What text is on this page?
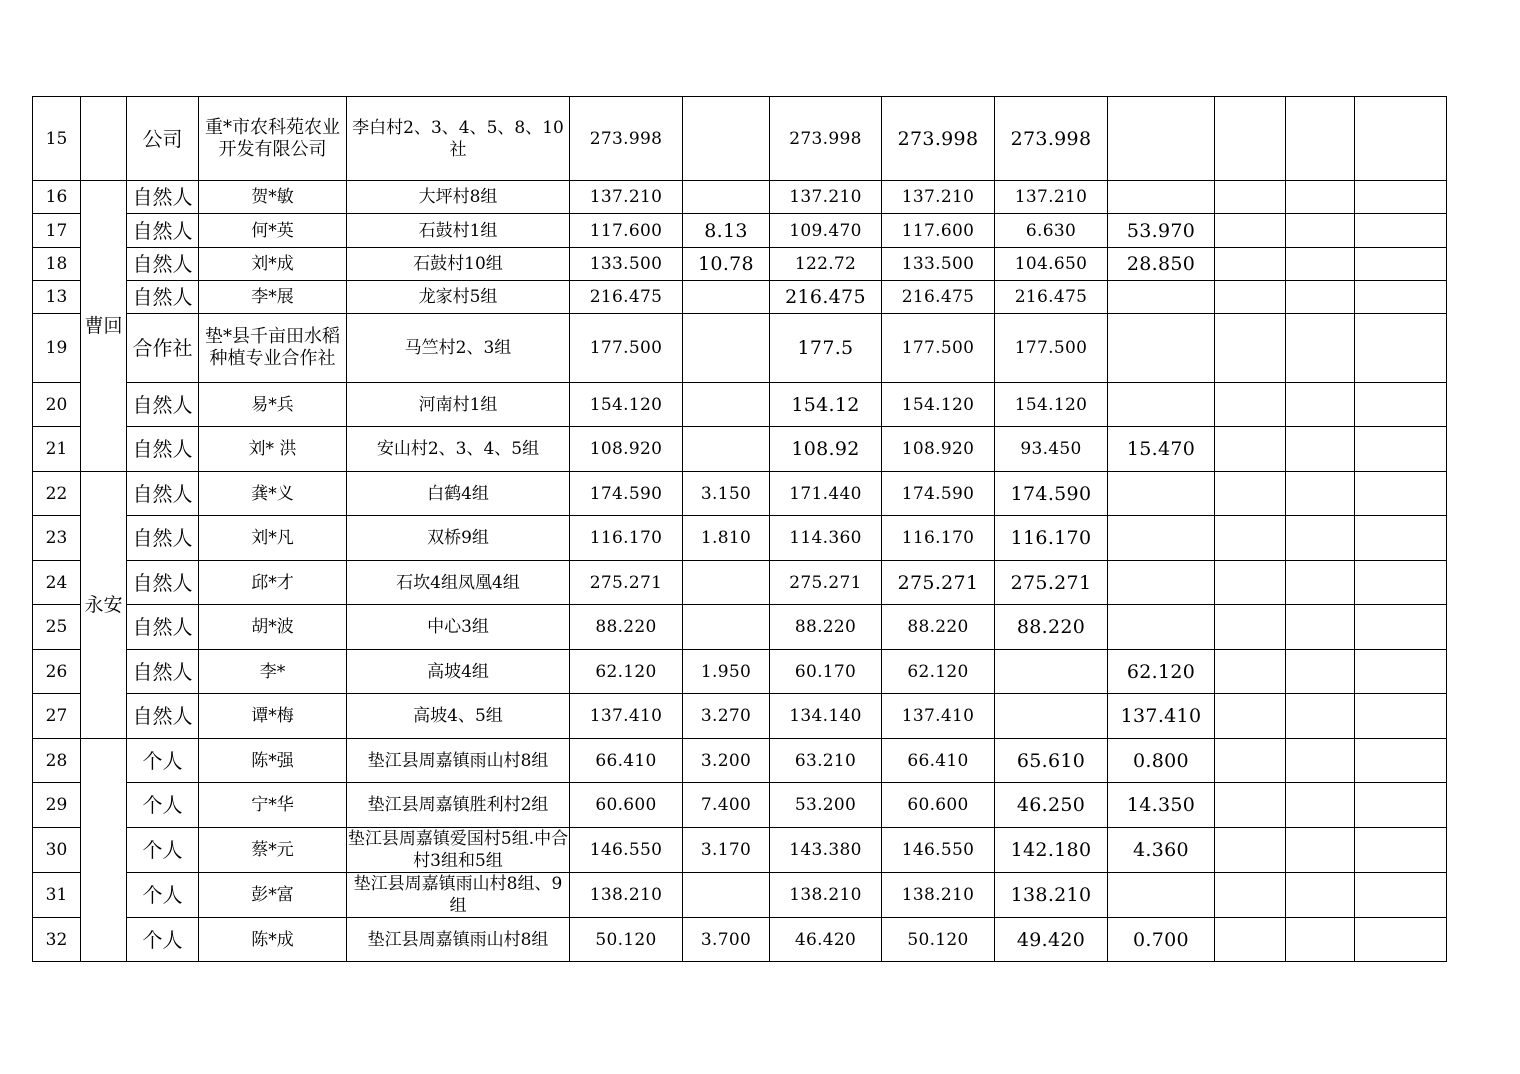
15		公司	重*市农科苑农业开发有限公司	李白村2、3、4、5、8、10社	273.998		273.998	273.998	273.998				
16	曹回	自然人	贺*敏	大坪村8组	137.210		137.210	137.210	137.210				
17		自然人	何*英	石鼓村1组	117.600	8.13	109.470	117.600	6.630	53.970			
18		自然人	刘*成	石鼓村10组	133.500	10.78	122.72	133.500	104.650	28.850			
13		自然人	李*展	龙家村5组	216.475		216.475	216.475	216.475				
19		合作社	垫*县千亩田水稻种植专业合作社	马竺村2、3组	177.500		177.5	177.500	177.500				
20		自然人	易*兵	河南村1组	154.120		154.12	154.120	154.120				
21		自然人	刘* 洪	安山村2、3、4、5组	108.920		108.92	108.920	93.450	15.470			
22	永安	自然人	龚*义	白鹤4组	174.590	3.150	171.440	174.590	174.590				
23		自然人	刘*凡	双桥9组	116.170	1.810	114.360	116.170	116.170				
24		自然人	邱*才	石坎4组凤凰4组	275.271		275.271	275.271	275.271				
25		自然人	胡*波	中心3组	88.220		88.220	88.220	88.220				
26		自然人	李*	高坡4组	62.120	1.950	60.170	62.120		62.120			
27		自然人	谭*梅	高坡4、5组	137.410	3.270	134.140	137.410		137.410			
28		个人	陈*强	垫江县周嘉镇雨山村8组	66.410	3.200	63.210	66.410	65.610	0.800			
29		个人	宁*华	垫江县周嘉镇胜利村2组	60.600	7.400	53.200	60.600	46.250	14.350			
30		个人	蔡*元	垫江县周嘉镇爱国村5组.中合村3组和5组	146.550	3.170	143.380	146.550	142.180	4.360			
31		个人	彭*富	垫江县周嘉镇雨山村8组、9组	138.210		138.210	138.210	138.210				
32		个人	陈*成	垫江县周嘉镇雨山村8组	50.120	3.700	46.420	50.120	49.420	0.700			
